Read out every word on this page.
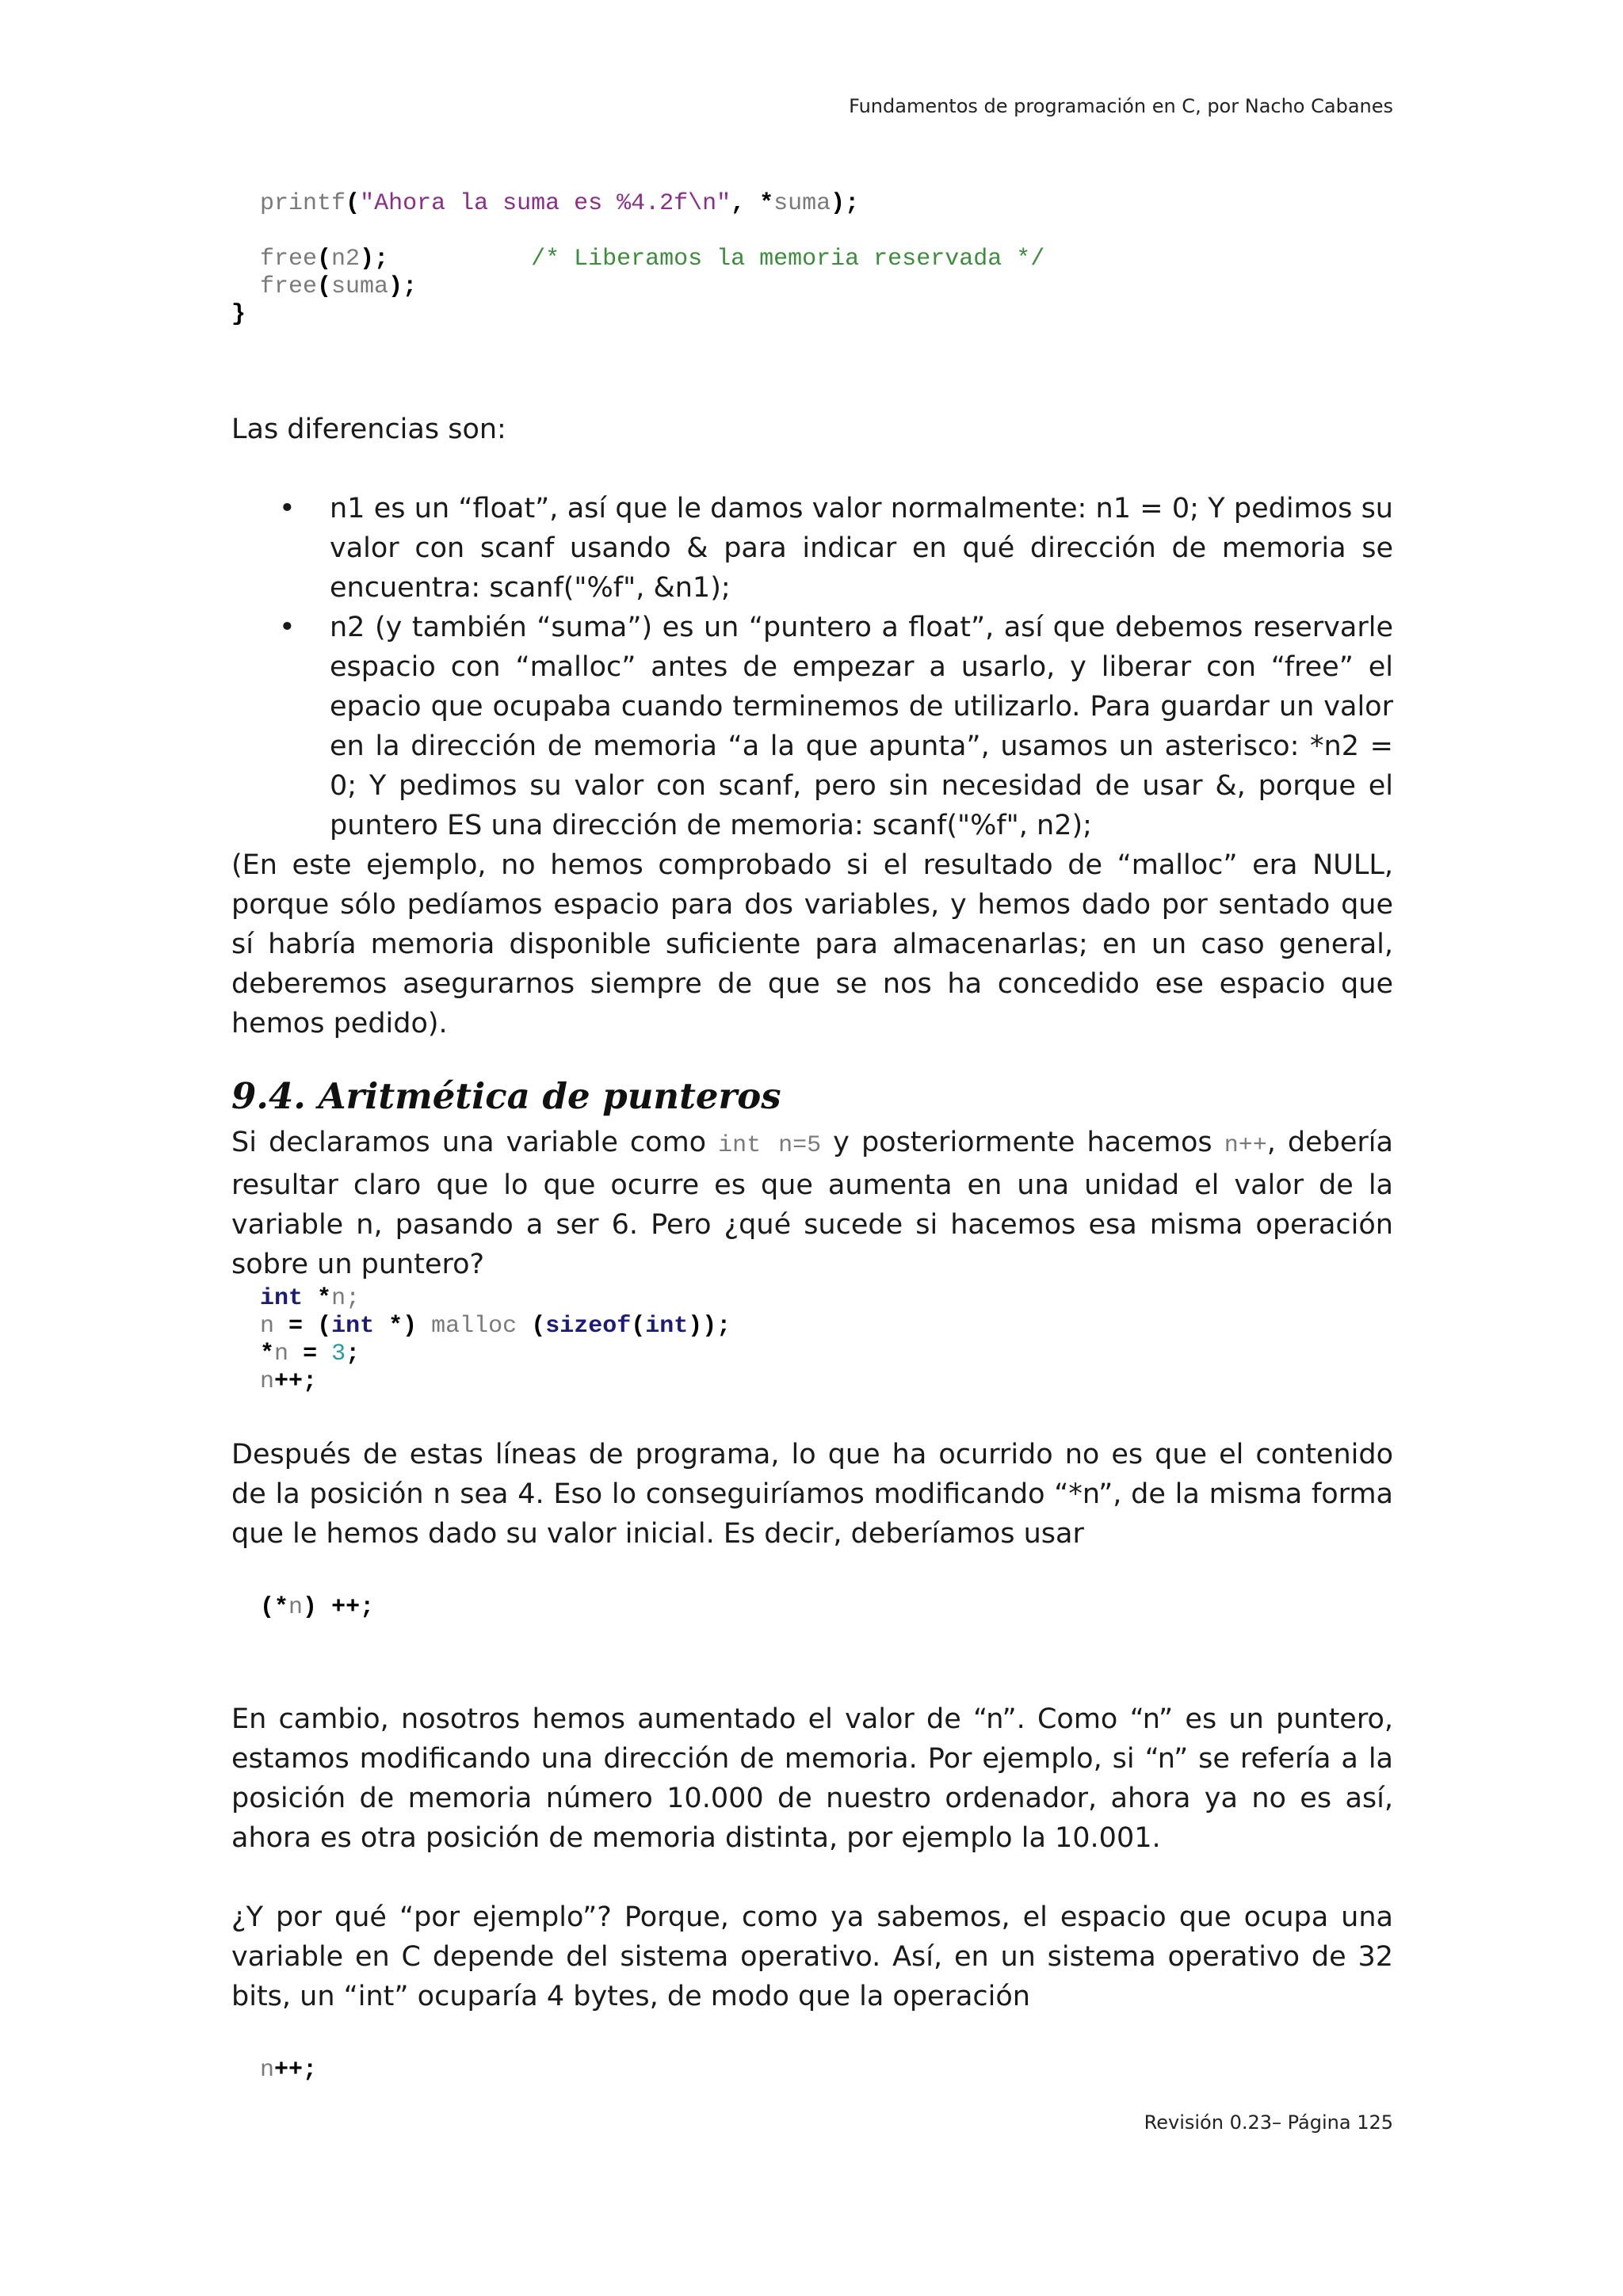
Fundamentos de programación en C, por Nacho Cabanes
printf("Ahora la suma es %4.2f\n", *suma);

free(n2);	/* Liberamos la memoria reservada */
free(suma);
}

Las diferencias son:

• n1 es un “float”, así que le damos valor normalmente: n1 = 0; Y pedimos su valor con scanf usando & para indicar en qué dirección de memoria se encuentra: scanf("%f", &n1);

• n2 (y también “suma”) es un “puntero a float”, así que debemos reservarle espacio con “malloc” antes de empezar a usarlo, y liberar con “free” el epacio que ocupaba cuando terminemos de utilizarlo. Para guardar un valor en la dirección de memoria “a la que apunta”, usamos un asterisco: *n2 = 0; Y pedimos su valor con scanf, pero sin necesidad de usar &, porque el puntero ES una dirección de memoria: scanf("%f", n2);

(En este ejemplo, no hemos comprobado si el resultado de “malloc” era NULL, porque sólo pedíamos espacio para dos variables, y hemos dado por sentado que sí habría memoria disponible suficiente para almacenarlas; en un caso general, deberemos asegurarnos siempre de que se nos ha concedido ese espacio que hemos pedido).

9.4. Aritmética de punteros

Si declaramos una variable como int n=5 y posteriormente hacemos n++, debería resultar claro que lo que ocurre es que aumenta en una unidad el valor de la variable n, pasando a ser 6. Pero ¿qué sucede si hacemos esa misma operación sobre un puntero?

int *n;
n = (int *) malloc (sizeof(int));
*n = 3;
n++;

Después de estas líneas de programa, lo que ha ocurrido no es que el contenido de la posición n sea 4. Eso lo conseguiríamos modificando “*n”, de la misma forma que le hemos dado su valor inicial. Es decir, deberíamos usar

(*n) ++;

En cambio, nosotros hemos aumentado el valor de “n”. Como “n” es un puntero, estamos modificando una dirección de memoria. Por ejemplo, si “n” se refería a la posición de memoria número 10.000 de nuestro ordenador, ahora ya no es así, ahora es otra posición de memoria distinta, por ejemplo la 10.001.

¿Y por qué “por ejemplo”? Porque, como ya sabemos, el espacio que ocupa una variable en C depende del sistema operativo. Así, en un sistema operativo de 32 bits, un “int” ocuparía 4 bytes, de modo que la operación

n++;
Revisión 0.23– Página 125
